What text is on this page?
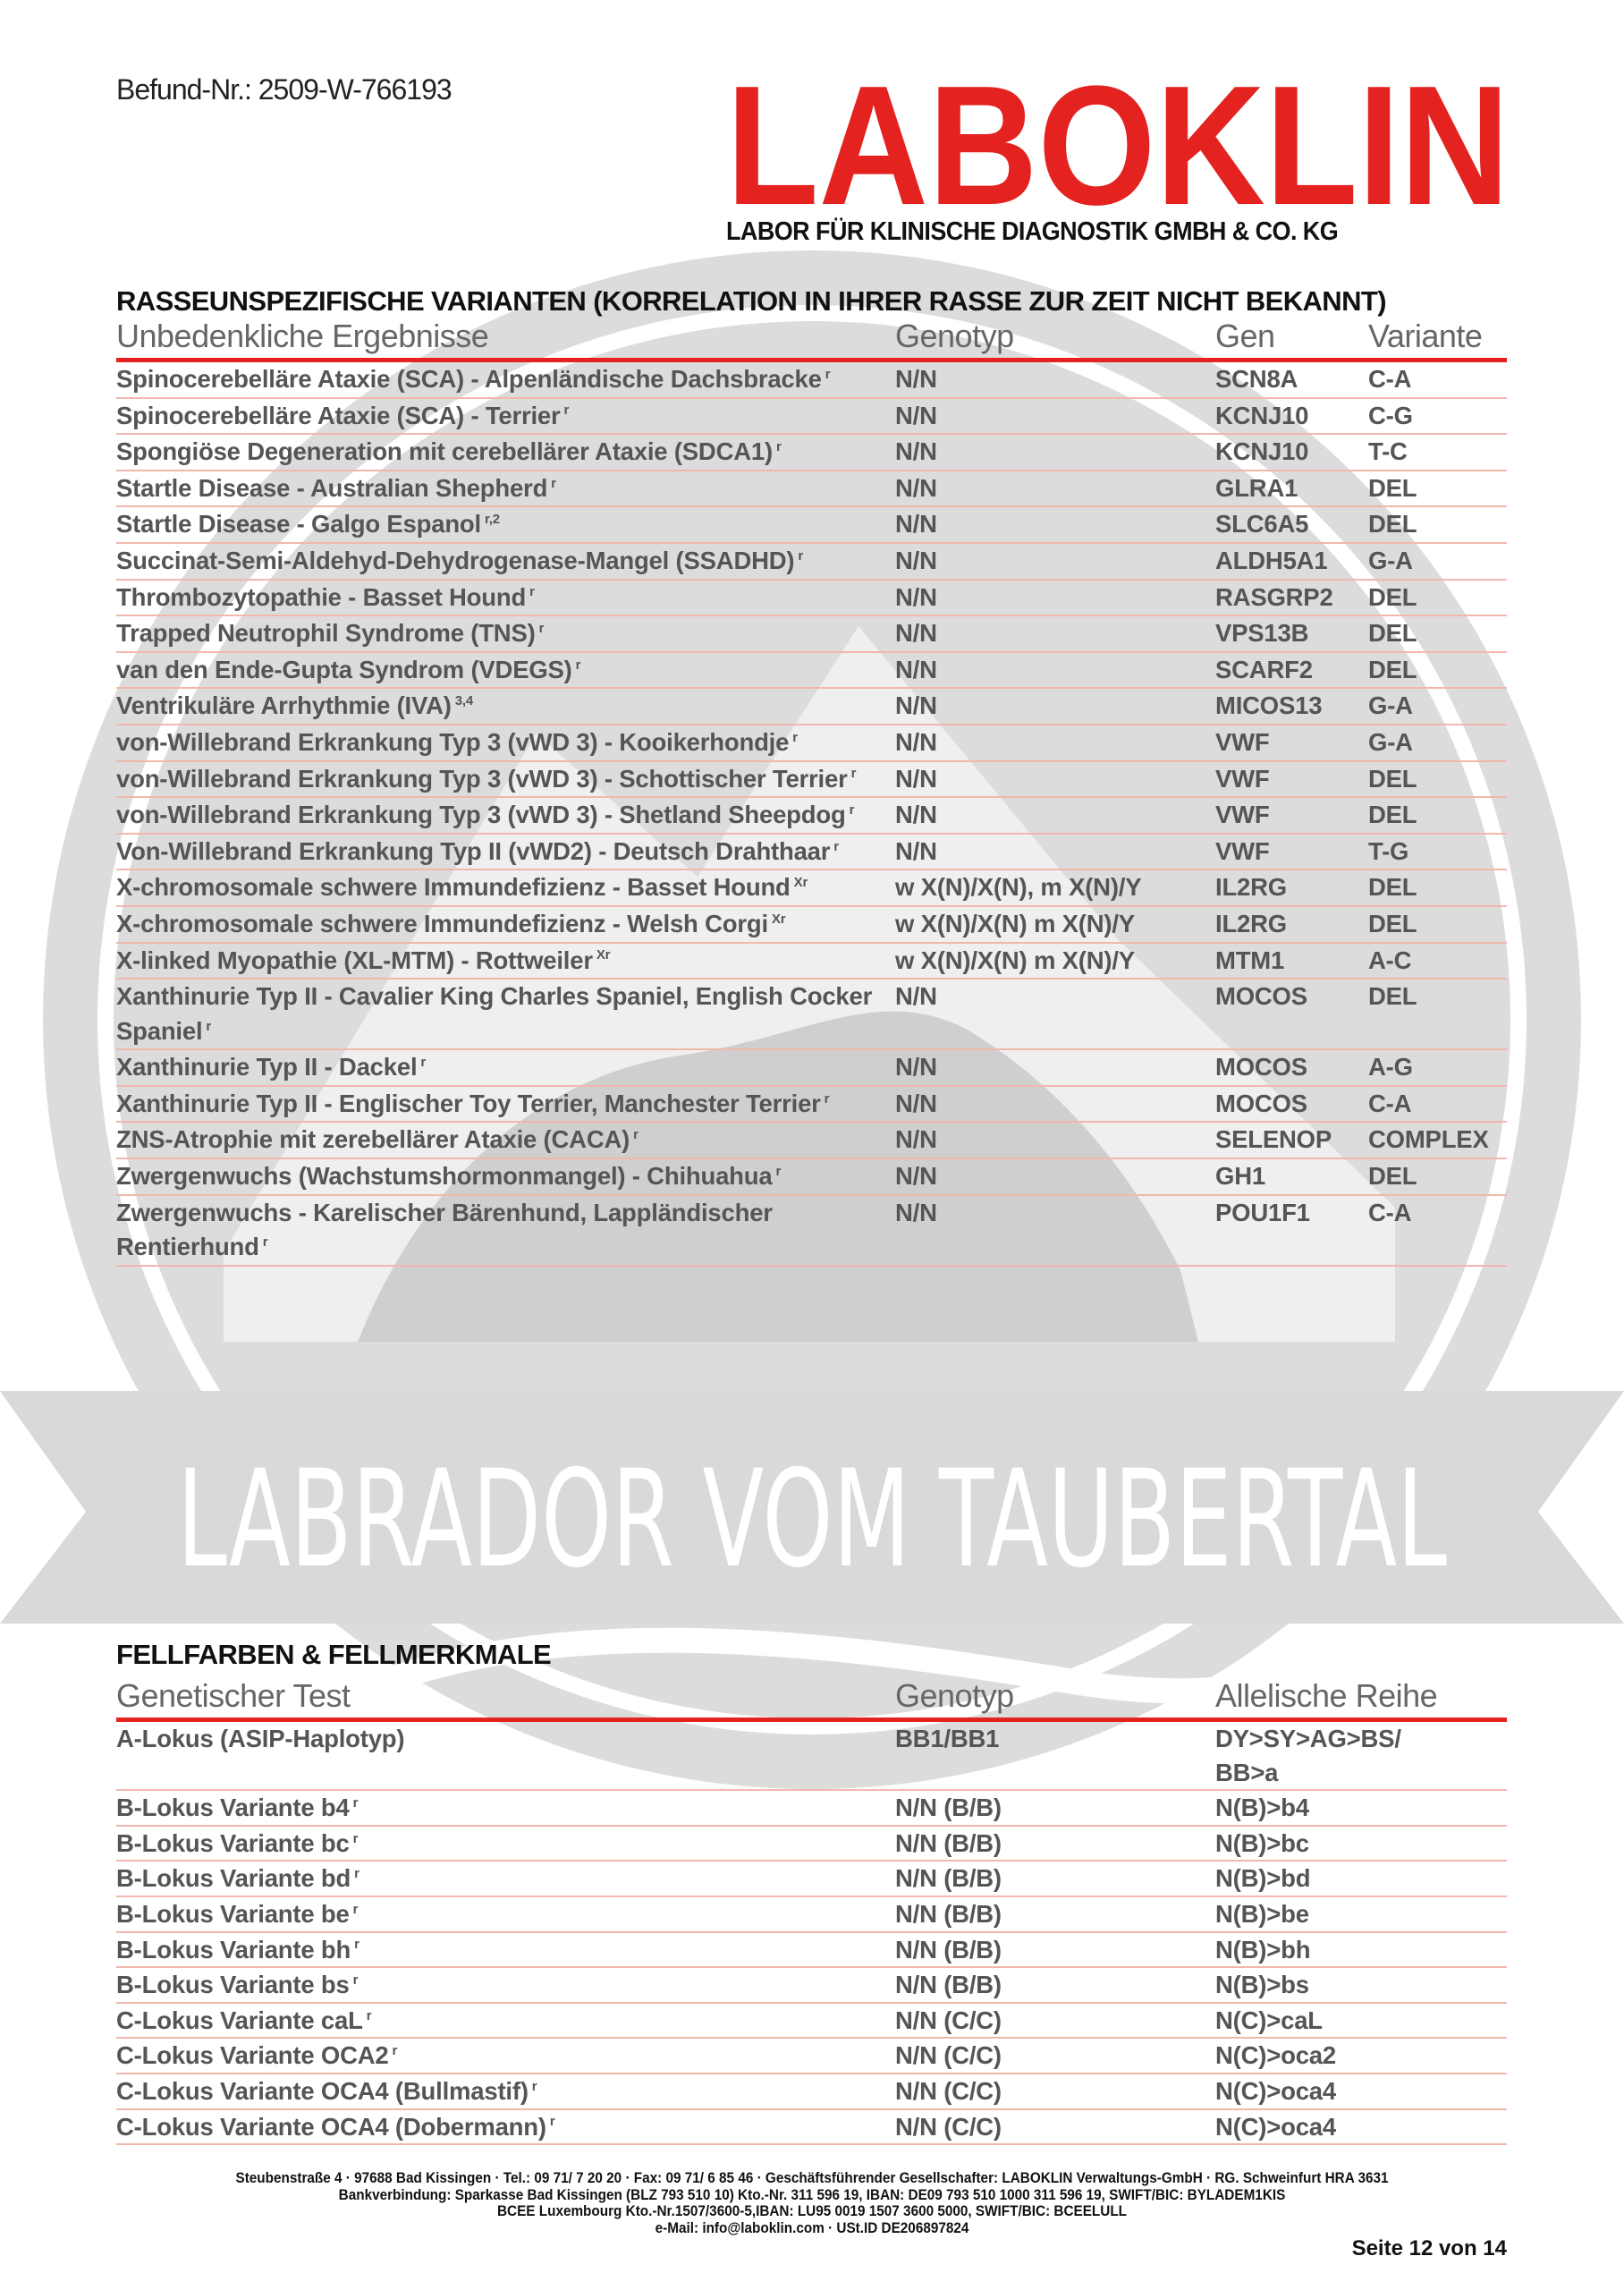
LABRADOR VOM TAUBERTAL
Befund-Nr.: 2509-W-766193 LABOKLIN
LABOR FÜR KLINISCHE DIAGNOSTIK GMBH & CO. KG
RASSEUNSPEZIFISCHE VARIANTEN (KORRELATION IN IHRER RASSE ZUR ZEIT NICHT BEKANNT)
Unbedenkliche Ergebnisse	Genotyp	Gen	Variante
Spinocerebelläre Ataxie (SCA) - Alpenländische Dachsbracke $^r$	N/N	SCN8A	C-A
Spinocerebelläre Ataxie (SCA) - Terrier $^r$	N/N	KCNJ10	C-G
Spongiöse Degeneration mit cerebellärer Ataxie (SDCA1) $^r$	N/N	KCNJ10	T-C
Startle Disease - Australian Shepherd $^r$	N/N	GLRA1	DEL
Startle Disease - Galgo Espanol $^{r,2}$	N/N	SLC6A5	DEL
Succinat-Semi-Aldehyd-Dehydrogenase-Mangel (SSADHD) $^r$	N/N	ALDH5A1	G-A
Thrombozytopathie - Basset Hound $^r$	N/N	RASGRP2	DEL
Trapped Neutrophil Syndrome (TNS) $^r$	N/N	VPS13B	DEL
van den Ende-Gupta Syndrom (VDEGS) $^r$	N/N	SCARF2	DEL
Ventrikuläre Arrhythmie (IVA) $^{3,4}$	N/N	MICOS13	G-A
von-Willebrand Erkrankung Typ 3 (vWD 3) - Kooikerhondje $^r$	N/N	VWF	G-A
von-Willebrand Erkrankung Typ 3 (vWD 3) - Schottischer Terrier $^r$	N/N	VWF	DEL
von-Willebrand Erkrankung Typ 3 (vWD 3) - Shetland Sheepdog $^r$	N/N	VWF	DEL
Von-Willebrand Erkrankung Typ II (vWD2) - Deutsch Drahthaar $^r$	N/N	VWF	T-G
X-chromosomale schwere Immundefizienz - Basset Hound $^{Xr}$	w X(N)/X(N), m X(N)/Y	IL2RG	DEL
X-chromosomale schwere Immundefizienz - Welsh Corgi $^{Xr}$	w X(N)/X(N) m X(N)/Y	IL2RG	DEL
X-linked Myopathie (XL-MTM) - Rottweiler $^{Xr}$	w X(N)/X(N) m X(N)/Y	MTM1	A-C
Xanthinurie Typ II - Cavalier King Charles Spaniel, English Cocker Spaniel $^r$	N/N	MOCOS	DEL
Xanthinurie Typ II - Dackel $^r$	N/N	MOCOS	A-G
Xanthinurie Typ II - Englischer Toy Terrier, Manchester Terrier $^r$	N/N	MOCOS	C-A
ZNS-Atrophie mit zerebellärer Ataxie (CACA) $^r$	N/N	SELENOP	COMPLEX
Zwergenwuchs (Wachstumshormonmangel) - Chihuahua $^r$	N/N	GH1	DEL
Zwergenwuchs - Karelischer Bärenhund, Lappländischer Rentierhund $^r$	N/N	POU1F1	C-A
FELLFARBEN & FELLMERKMALE
Genetischer Test	Genotyp	Allelische Reihe
A-Lokus (ASIP-Haplotyp)	BB1/BB1	DY>SY>AG>BS/ BB>a
B-Lokus Variante b4 $^r$	N/N (B/B)	N(B)>b4
B-Lokus Variante bc $^r$	N/N (B/B)	N(B)>bc
B-Lokus Variante bd $^r$	N/N (B/B)	N(B)>bd
B-Lokus Variante be $^r$	N/N (B/B)	N(B)>be
B-Lokus Variante bh $^r$	N/N (B/B)	N(B)>bh
B-Lokus Variante bs $^r$	N/N (B/B)	N(B)>bs
C-Lokus Variante caL $^r$	N/N (C/C)	N(C)>caL
C-Lokus Variante OCA2 $^r$	N/N (C/C)	N(C)>oca2
C-Lokus Variante OCA4 (Bullmastif) $^r$	N/N (C/C)	N(C)>oca4
C-Lokus Variante OCA4 (Dobermann) $^r$	N/N (C/C)	N(C)>oca4
Steubenstraße 4 · 97688 Bad Kissingen · Tel.: 09 71/ 7 20 20 · Fax: 09 71/ 6 85 46 · Geschäftsführender Gesellschafter: LABOKLIN Verwaltungs-GmbH · RG. Schweinfurt HRA 3631
Bankverbindung: Sparkasse Bad Kissingen (BLZ 793 510 10) Kto.-Nr. 311 596 19, IBAN: DE09 793 510 1000 311 596 19, SWIFT/BIC: BYLADEM1KIS
BCEE Luxembourg Kto.-Nr.1507/3600-5,IBAN: LU95 0019 1507 3600 5000, SWIFT/BIC: BCEELULL
e-Mail: info@laboklin.com · USt.ID DE206897824
Seite 12 von 14
